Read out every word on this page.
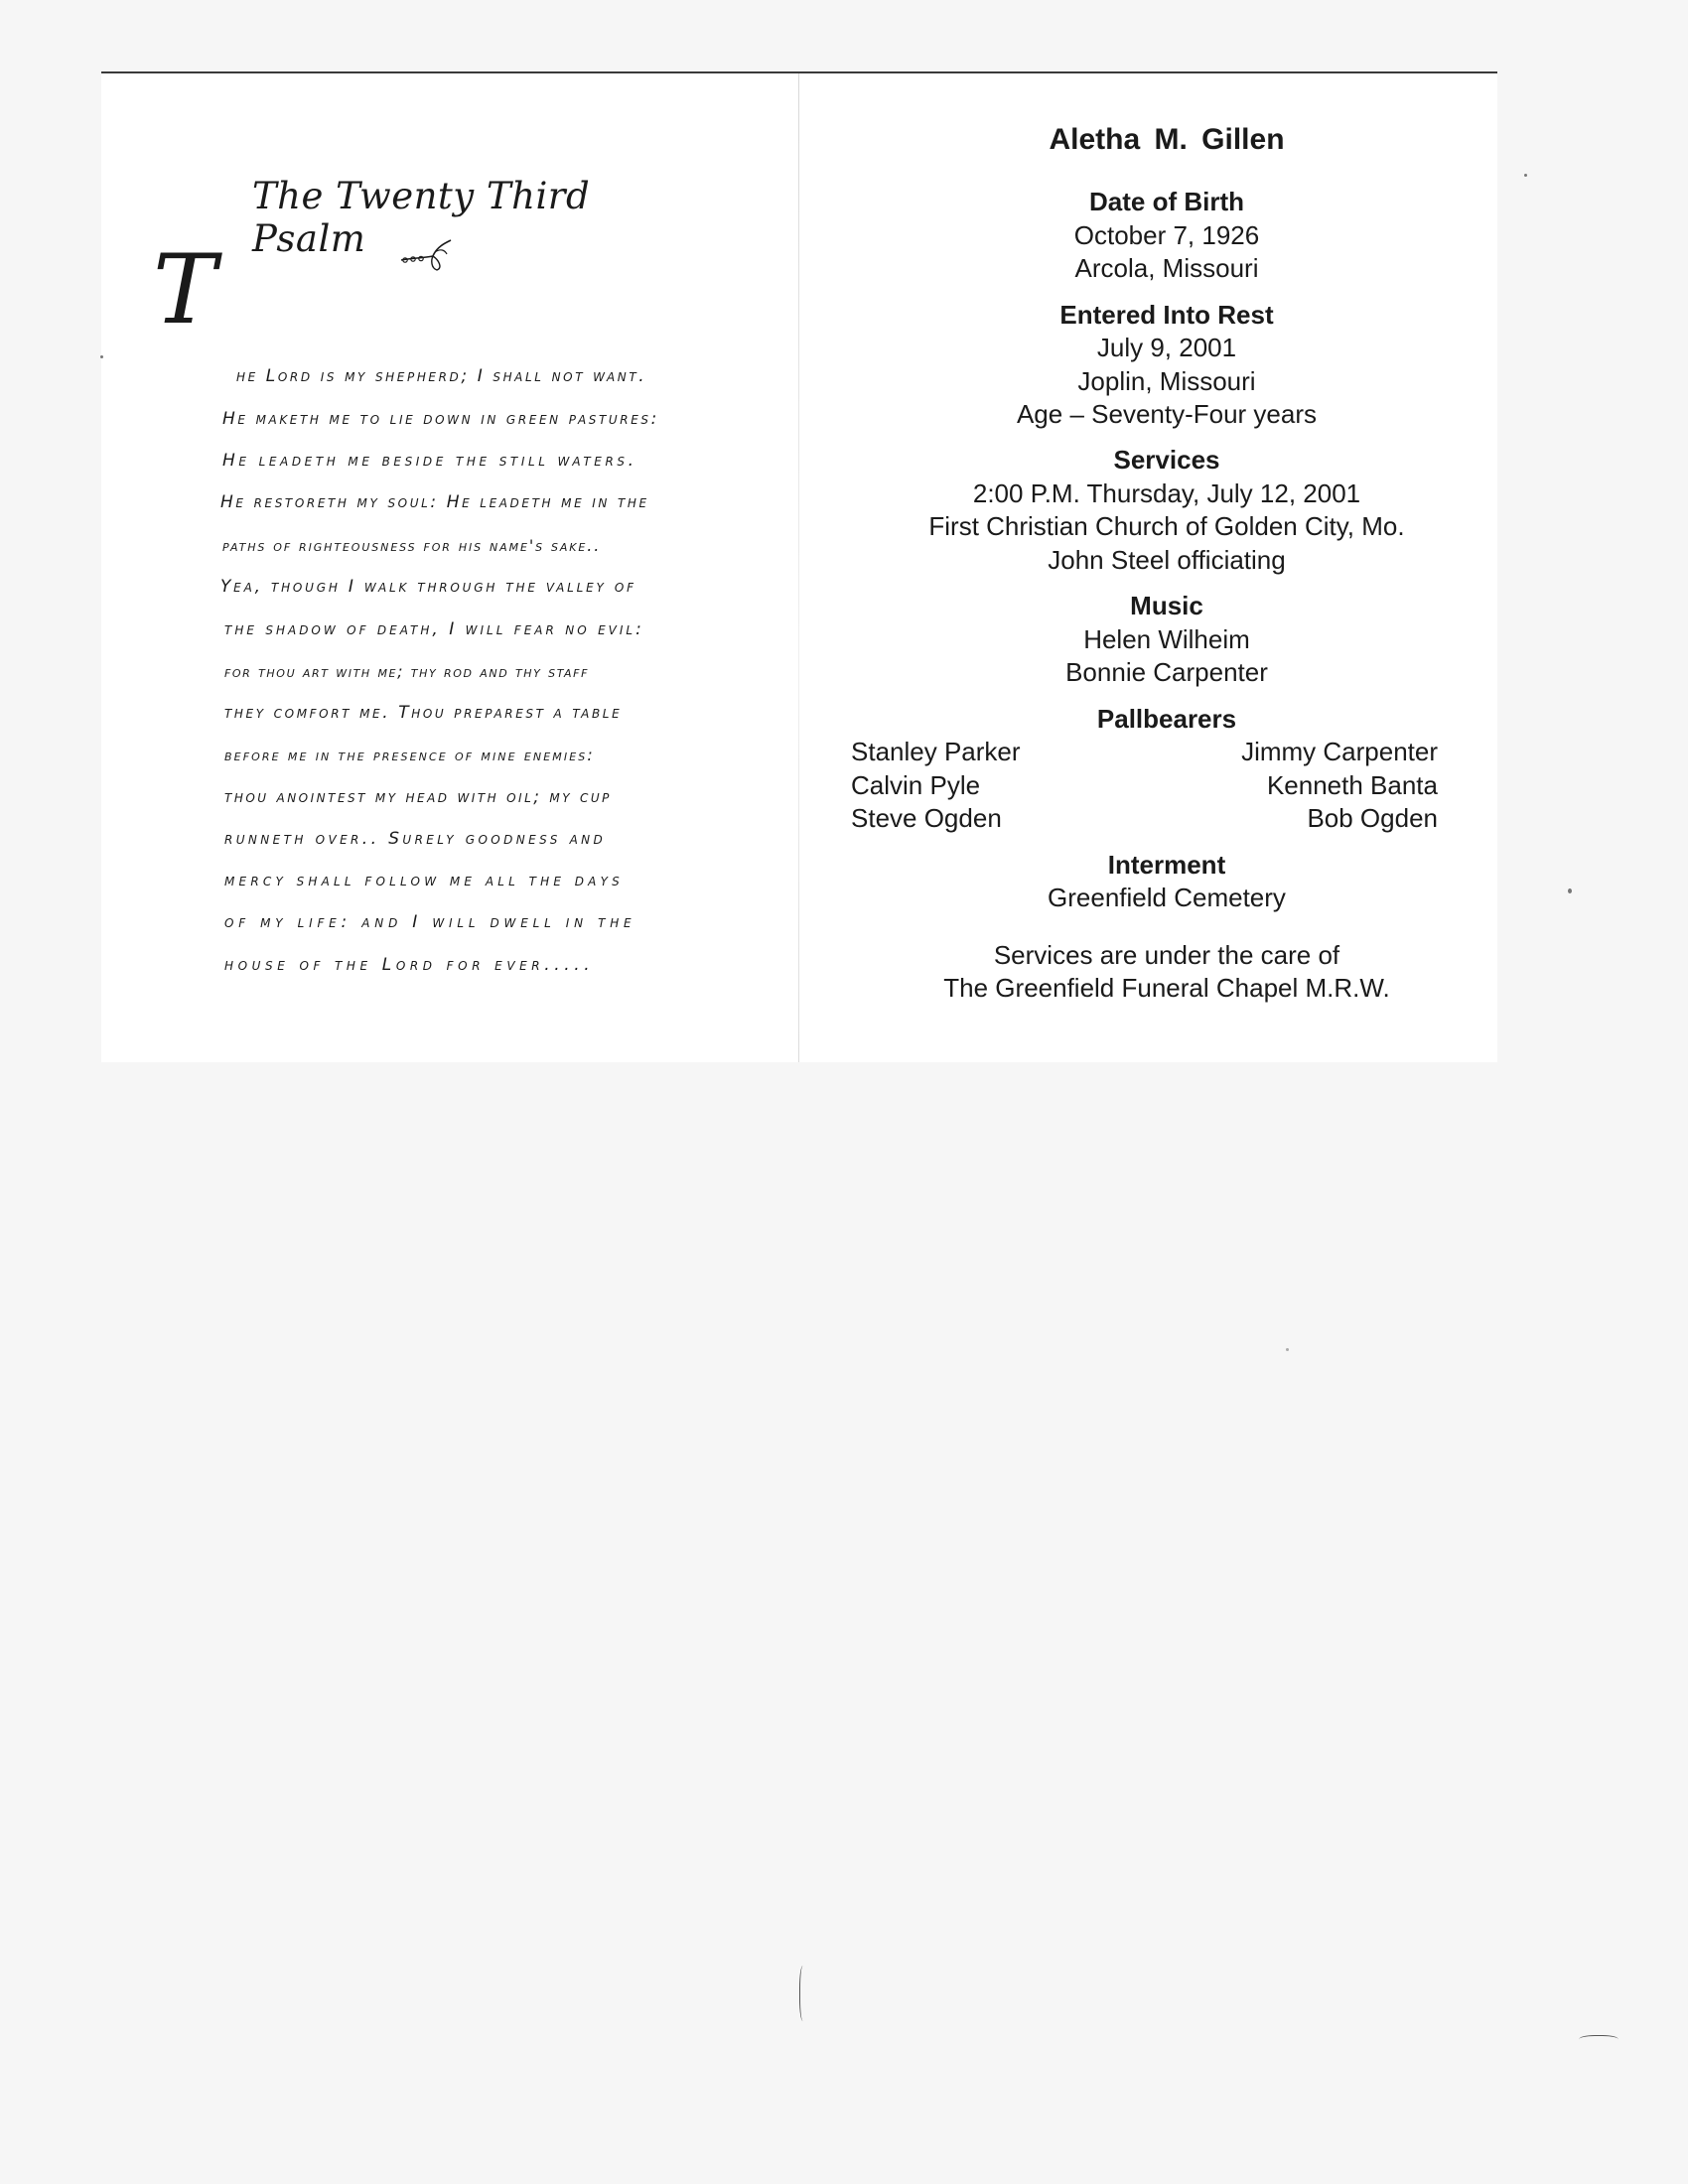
The Twenty Third Psalm
T
he Lord is my shepherd; I shall not want.
He maketh me to lie down in green pastures:
He leadeth me beside the still waters.
He restoreth my soul: He leadeth me in the
paths of righteousness for his name's sake..
Yea, though I walk through the valley of
the shadow of death, I will fear no evil:
for thou art with me; thy rod and thy staff
they comfort me. Thou preparest a table
before me in the presence of mine enemies:
thou anointest my head with oil; my cup
runneth over.. Surely goodness and
mercy shall follow me all the days
of my life: and I will dwell in the
house of the Lord for ever.....
Aletha M. Gillen
Date of Birth
October 7, 1926
Arcola, Missouri
Entered Into Rest
July 9, 2001
Joplin, Missouri
Age – Seventy-Four years
Services
2:00 P.M. Thursday, July 12, 2001
First Christian Church of Golden City, Mo.
John Steel officiating
Music
Helen Wilheim
Bonnie Carpenter
Pallbearers
Stanley Parker
Calvin Pyle
Steve Ogden
Jimmy Carpenter
Kenneth Banta
Bob Ogden
Interment
Greenfield Cemetery
Services are under the care of
The Greenfield Funeral Chapel M.R.W.
